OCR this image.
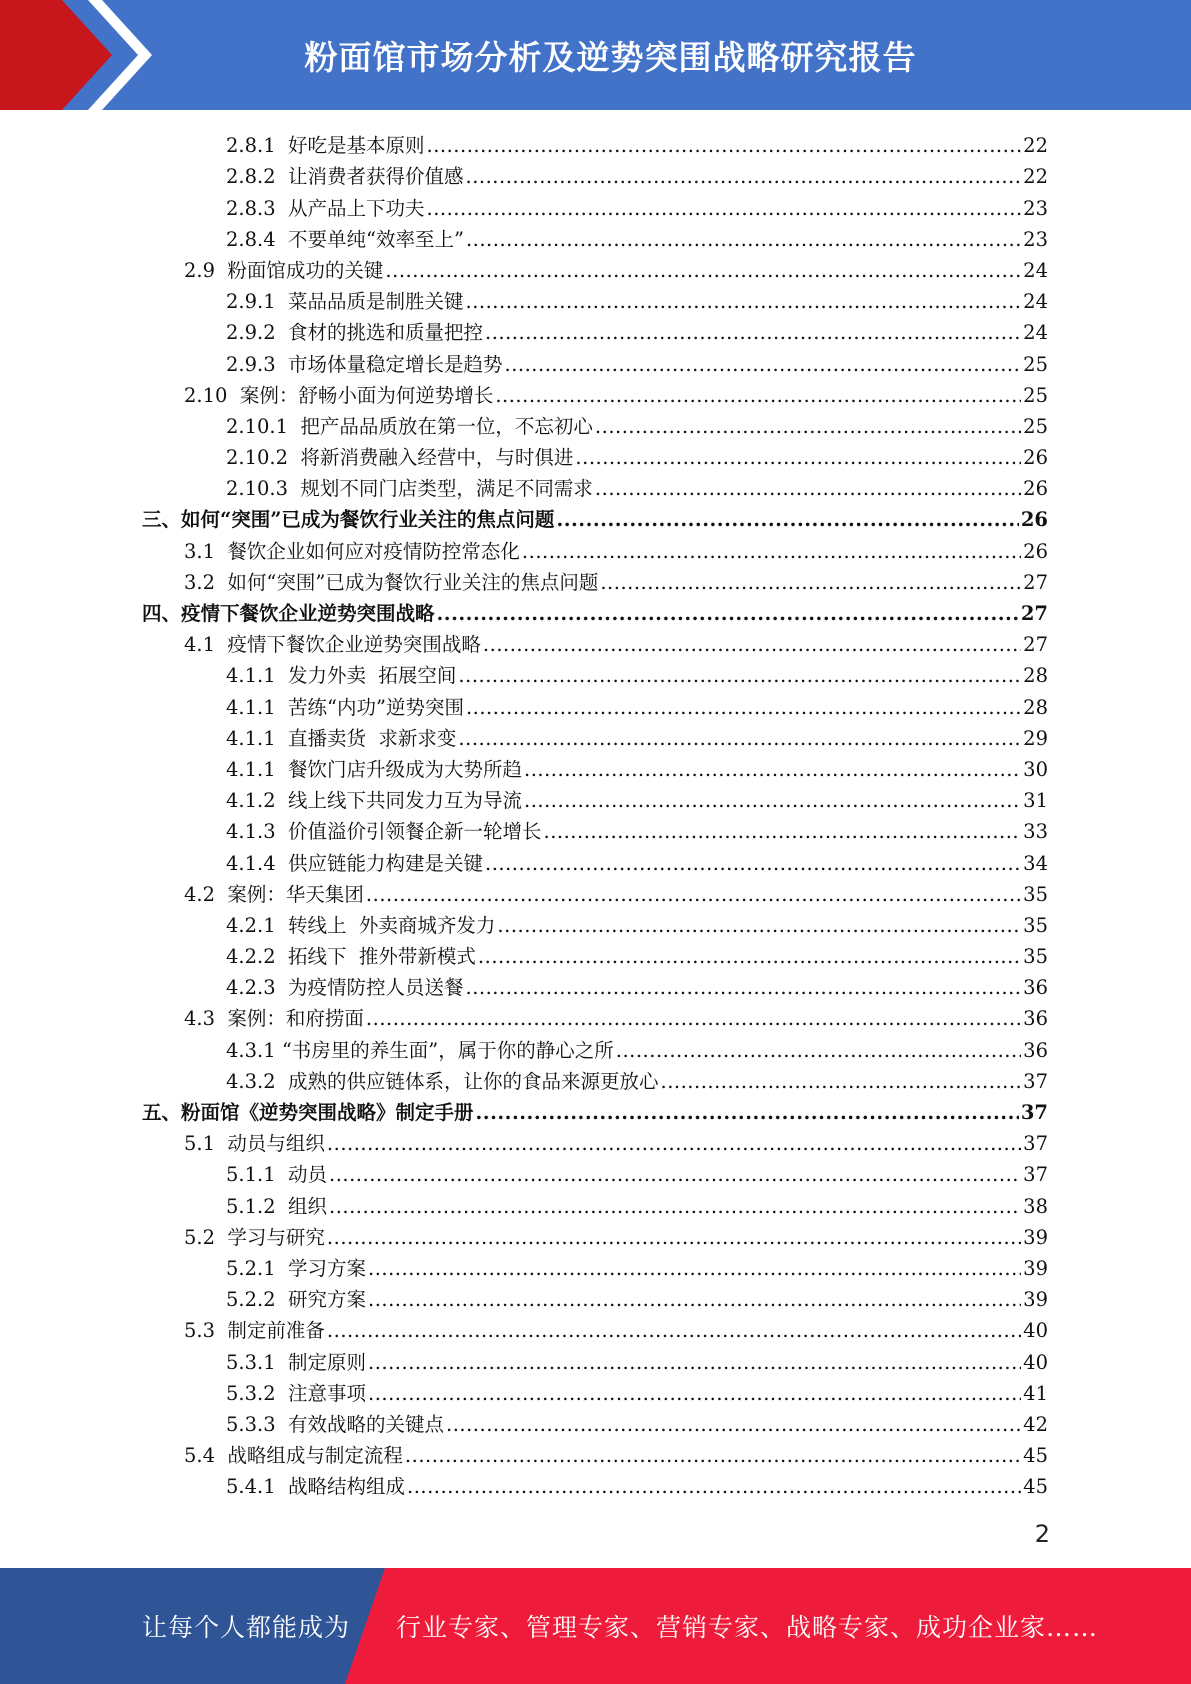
粉面馆市场分析及逆势突围战略研究报告
2.8.1  好吃是基本原则 .....	22
2.8.2  让消费者获得价值感 .....	22
2.8.3  从产品上下功夫 .....	23
2.8.4  不要单纯“效率至上” .....	23
2.9  粉面馆成功的关键 .....	24
2.9.1  菜品品质是制胜关键 .....	24
2.9.2  食材的挑选和质量把控 .....	24
2.9.3  市场体量稳定增长是趋势 .....	25
2.10  案例：舒畅小面为何逆势增长 .....	25
2.10.1  把产品品质放在第一位，不忘初心 .....	25
2.10.2  将新消费融入经营中，与时俱进 .....	26
2.10.3  规划不同门店类型，满足不同需求 .....	26
三、如何“突围”已成为餐饮行业关注的焦点问题 .....	26
3.1  餐饮企业如何应对疫情防控常态化 .....	26
3.2  如何“突围”已成为餐饮行业关注的焦点问题 .....	27
四、疫情下餐饮企业逆势突围战略 .....	27
4.1  疫情下餐饮企业逆势突围战略 .....	27
4.1.1  发力外卖  拓展空间 .....	28
4.1.1  苦练“内功”逆势突围 .....	28
4.1.1  直播卖货  求新求变 .....	29
4.1.1  餐饮门店升级成为大势所趋 .....	30
4.1.2  线上线下共同发力互为导流 .....	31
4.1.3  价值溢价引领餐企新一轮增长 .....	33
4.1.4  供应链能力构建是关键 .....	34
4.2  案例：华天集团 .....	35
4.2.1  转线上  外卖商城齐发力 .....	35
4.2.2  拓线下  推外带新模式 .....	35
4.2.3  为疫情防控人员送餐 .....	36
4.3  案例：和府捞面 .....	36
4.3.1 “书房里的养生面”，属于你的静心之所 .....	36
4.3.2  成熟的供应链体系，让你的食品来源更放心 .....	37
五、粉面馆《逆势突围战略》制定手册 .....	37
5.1  动员与组织 .....	37
5.1.1  动员 .....	37
5.1.2  组织 .....	38
5.2  学习与研究 .....	39
5.2.1  学习方案 .....	39
5.2.2  研究方案 .....	39
5.3  制定前准备 .....	40
5.3.1  制定原则 .....	40
5.3.2  注意事项 .....	41
5.3.3  有效战略的关键点 .....	42
5.4  战略组成与制定流程 .....	45
5.4.1  战略结构组成 .....	45
2
让每个人都能成为 行业专家、管理专家、营销专家、战略专家、成功企业家……
